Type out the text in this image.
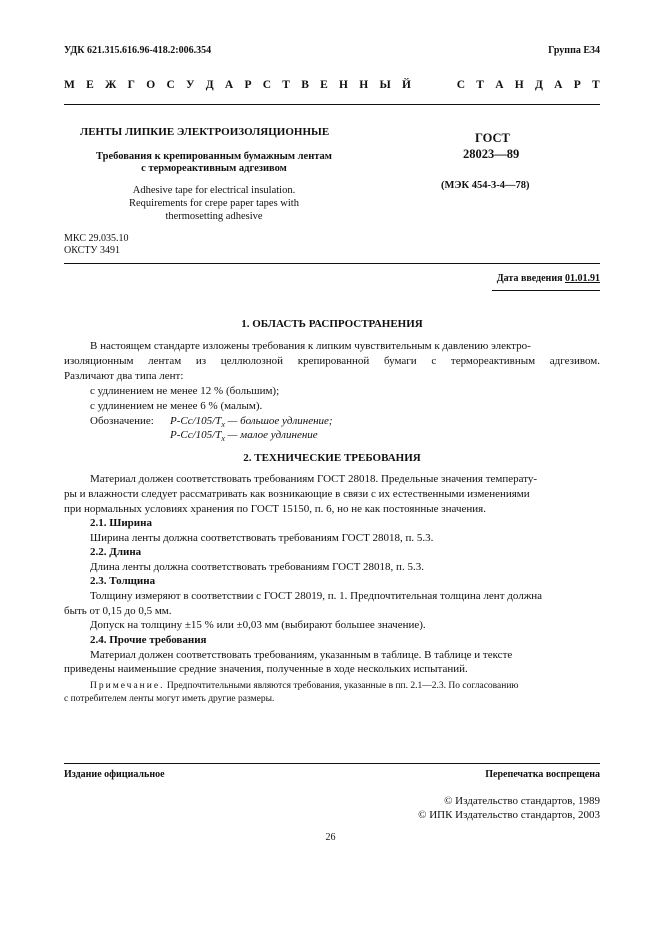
УДК 621.315.616.96-418.2:006.354	Группа Е34
М Е Ж Г О С У Д А Р С Т В Е Н Н Ы Й	С Т А Н Д А Р Т
ЛЕНТЫ ЛИПКИЕ ЭЛЕКТРОИЗОЛЯЦИОННЫЕ
Требования к крепированным бумажным лентам
с термореактивным адгезивом
Adhesive tape for electrical insulation.
Requirements for crepe paper tapes with
thermosetting adhesive
ГОСТ
28023—89
(МЭК 454-3-4—78)
МКС 29.035.10
ОКСТУ 3491
Дата введения 01.01.91
1. ОБЛАСТЬ РАСПРОСТРАНЕНИЯ
В настоящем стандарте изложены требования к липким чувствительным к давлению электро-
изоляционным лентам из целлюлозной крепированной бумаги с термореактивным адгезивом.
Различают два типа лент:
с удлинением не менее 12 % (большим);
с удлинением не менее 6 % (малым).
Обозначение: $P-Cc/105/T_x$ — большое удлинение;
$P-Cc/105/T_x$ — малое удлинение
2. ТЕХНИЧЕСКИЕ ТРЕБОВАНИЯ
Материал должен соответствовать требованиям ГОСТ 28018. Предельные значения температу-
ры и влажности следует рассматривать как возникающие в связи с их естественными изменениями
при нормальных условиях хранения по ГОСТ 15150, п. 6, но не как постоянные значения.
2.1. Ширина
Ширина ленты должна соответствовать требованиям ГОСТ 28018, п. 5.3.
2.2. Длина
Длина ленты должна соответствовать требованиям ГОСТ 28018, п. 5.3.
2.3. Толщина
Толщину измеряют в соответствии с ГОСТ 28019, п. 1. Предпочтительная толщина лент должна
быть от 0,15 до 0,5 мм.
Допуск на толщину ±15 % или ±0,03 мм (выбирают большее значение).
2.4. Прочие требования
Материал должен соответствовать требованиям, указанным в таблице. В таблице и тексте
приведены наименьшие средние значения, полученные в ходе нескольких испытаний.
Примечание. Предпочтительными являются требования, указанные в пп. 2.1—2.3. По согласованию
с потребителем ленты могут иметь другие размеры.
Издание официальное	Перепечатка воспрещена
© Издательство стандартов, 1989
© ИПК Издательство стандартов, 2003
26
